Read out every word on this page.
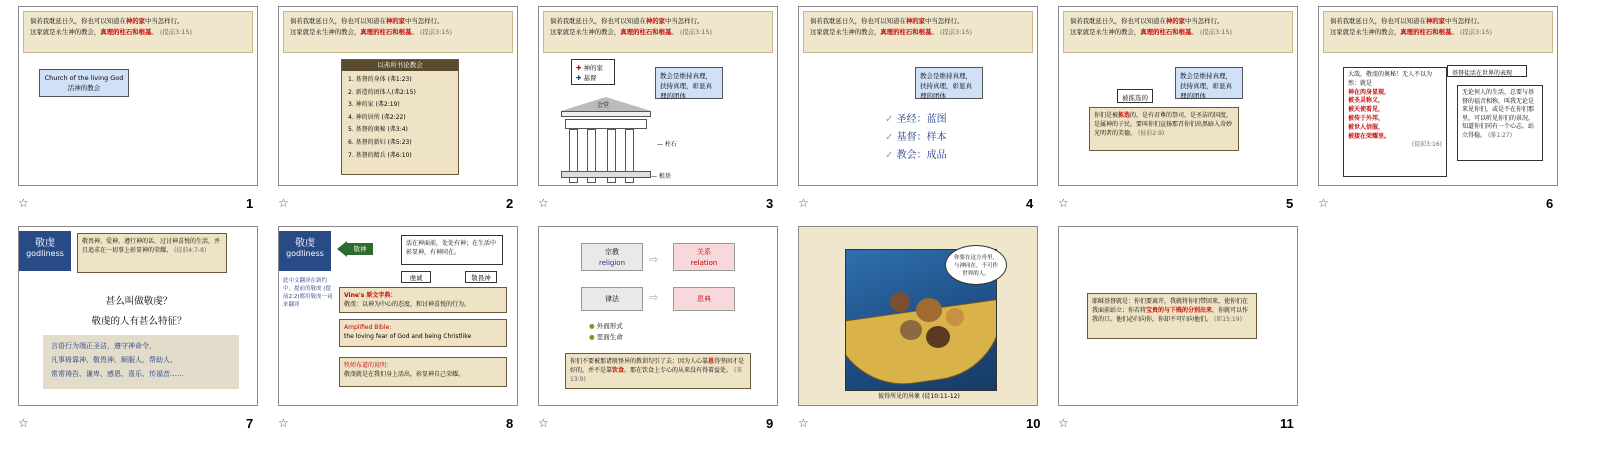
倘若我耽延日久，你也可以知道在神的家中当怎样行。
这家就是永生神的教会，真理的柱石和根基。 (提前3:15)
Church of the living God
活神的教会
☆	1
倘若我耽延日久，你也可以知道在神的家中当怎样行。
这家就是永生神的教会，真理的柱石和根基。 (提前3:15)
以弗所书论教会
1. 基督的身体 (弗1:23)
2. 新造的团体人(弗2:15)
3. 神的家 (弗2:19)
4. 神的居所 (弗2:22)
5. 基督的奥秘 (弗3:4)
6. 基督的新妇 (弗5:23)
7. 基督的精兵 (弗6:10)
☆	2
倘若我耽延日久，你也可以知道在神的家中当怎样行。
这家就是永生神的教会，真理的柱石和根基。 (提前3:15)
✚ 神的家
✚ 基督	教会是维持真理，扶持真理，彰显真理的团体
会堂
— 柱石
— 根基
☆	3
倘若我耽延日久，你也可以知道在神的家中当怎样行。
这家就是永生神的教会，真理的柱石和根基。 (提前3:15)
教会是维持真理，扶持真理，彰显真理的团体
✓ 圣经：蓝图
✓ 基督：样本
✓ 教会：成品
☆	4
倘若我耽延日久，你也可以知道在神的家中当怎样行。
这家就是永生神的教会，真理的柱石和根基。 (提前3:15)
教会是维持真理，扶持真理，彰显真理的团体
被拣选的
你们是被拣选的，是有君尊的祭司，是圣洁的国度，是属神的子民，要叫你们宣扬那召你们出黑暗入奇妙光明者的美德。 (彼前2:9)
☆	5
倘若我耽延日久，你也可以知道在神的家中当怎样行。
这家就是永生神的教会，真理的柱石和根基。 (提前3:15)
基督徒活在世界的表现
大哉，敬虔的奥秘！无人不以为然：就是
神在肉身显现，
被圣灵称义，
被天使看见，
被传于外邦，
被世人信服，
被接在荣耀里。
(提前3:16)
无论何人的生活，总要与基督的福音相称，叫我无论是来见你们，或是不在你们那里，可以听见你们的景况，知道你们同有一个心志，站立得稳。 (腓1:27)
☆	6
敬虔
godliness
敬畏神、爱神、遵行神的话、过讨神喜悦的生活，并且追求在一切事上彰显神的荣耀。 (提前4:7-8)
甚么叫做敬虔？
敬虔的人有甚么特征？
言语行为端正圣洁，遵守神命令，
凡事倚靠神、敬畏神、顺服人、帮助人、
常常祷告、谦卑、感恩、喜乐、传福音……
☆	7
敬虔
godliness	敬神
活在神面前，处处有神；在生活中彰显神，有神同在。
虔诚	敬畏神
此中文翻译在新约中，提前的敬虔 (提前2:2)都用敬虔一词来翻译
Vine's 原文字典：
敬虔：以神为中心的态度，和讨神喜悦的行为。
Amplified Bible:
the loving fear of God and being Christlike
牧师布道的说明：
敬虔就是在我们身上活出，彰显神自己荣耀。
☆	8
宗教
religion	⇨
关系
relation
律法	⇨	恩典
● 外面形式
● 里面生命
你们不要被那诸般怪异的教训勾引了去；因为人心靠恩得坚固才是好的，并不是靠饮食。那在饮食上专心的从来没有得着益处。 (来13:9)
☆	9
你要在这方舟里，与神同在，不可作世界的人。
彼得所见的异象 (徒10:11-12)
☆	10
耶稣基督就是：你们要离开，我就将你们带回来，使你们在我面前站立；你若将宝贵的与下贱的分别出来，你就可以作我的口。他们必归向你，你却不可归向他们。 (耶15:19)
☆	11
